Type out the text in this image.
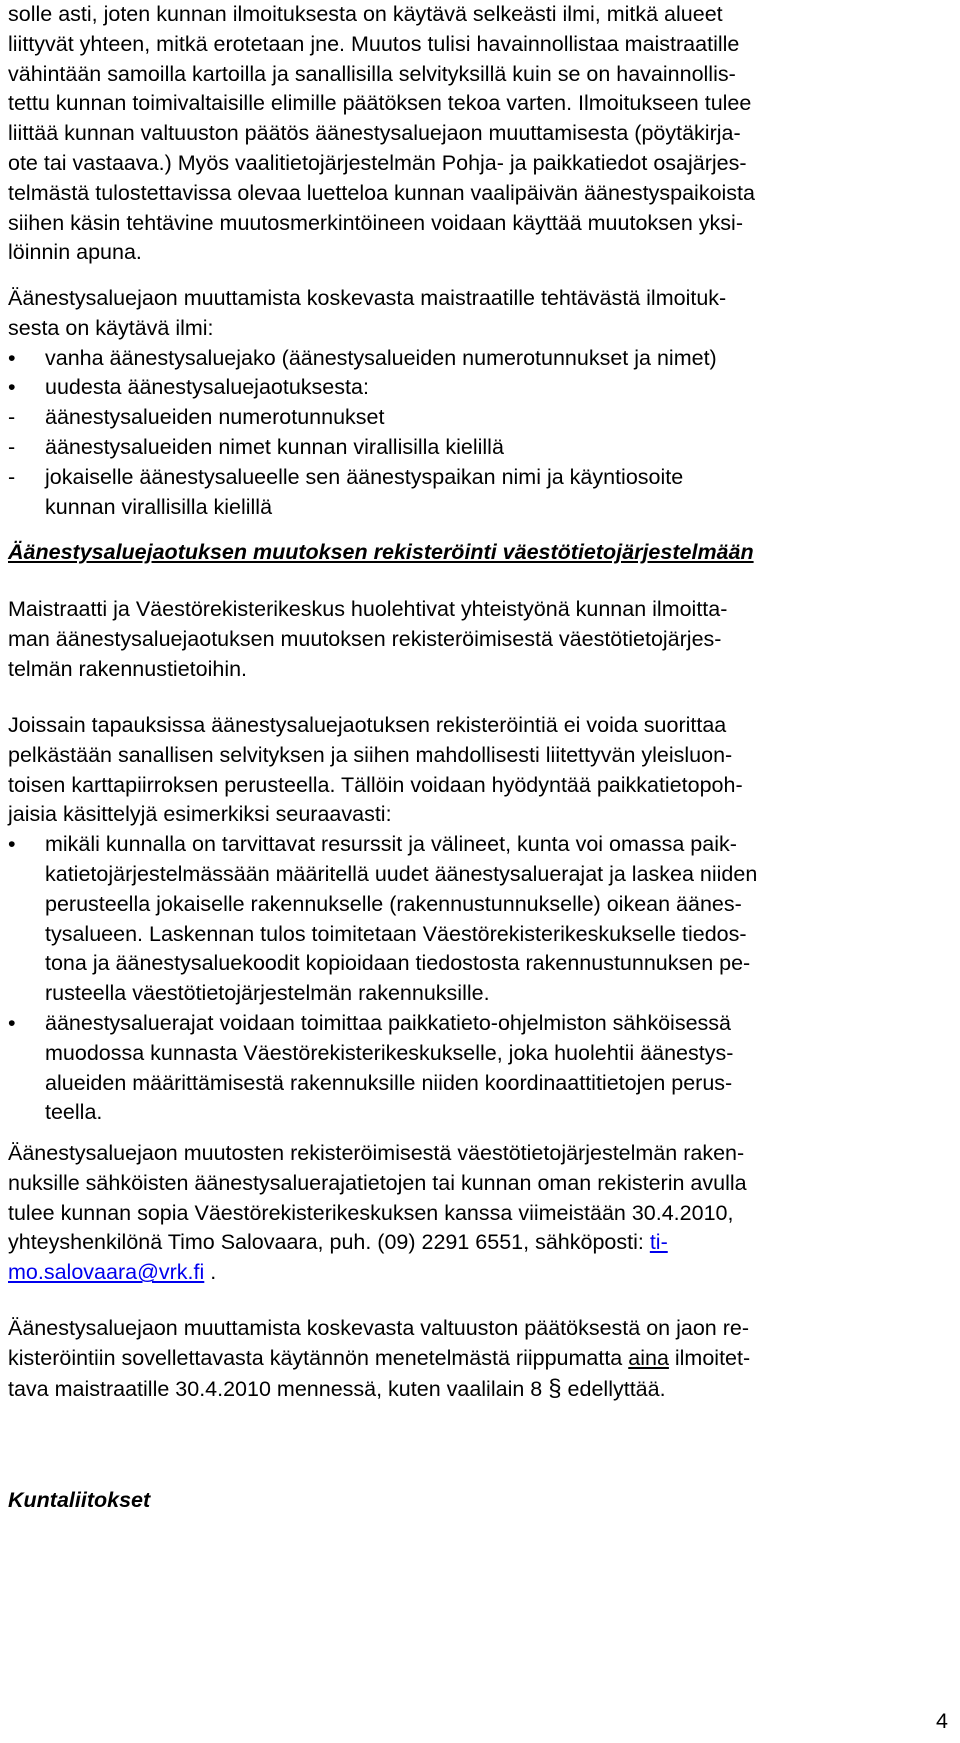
solle asti, joten kunnan ilmoituksesta on käytävä selkeästi ilmi, mitkä alueet

liittyvät yhteen, mitkä erotetaan jne. Muutos tulisi havainnollistaa maistraatille

vähintään samoilla kartoilla ja sanallisilla selvityksillä kuin se on havainnollis-

tettu kunnan toimivaltaisille elimille päätöksen tekoa varten. Ilmoitukseen tulee

liittää kunnan valtuuston päätös äänestysaluejaon muuttamisesta (pöytäkirja-

ote tai vastaava.) Myös vaalitietojärjestelmän Pohja- ja paikkatiedot osajärjes-

telmästä tulostettavissa olevaa luetteloa kunnan vaalipäivän äänestyspaikoista

siihen käsin tehtävine muutosmerkintöineen voidaan käyttää muutoksen yksi-

löinnin apuna.

Äänestysaluejaon muuttamista koskevasta maistraatille tehtävästä ilmoituk-

sesta on käytävä ilmi:

•	vanha äänestysaluejako (äänestysalueiden numerotunnukset ja nimet)
•	uudesta äänestysaluejaotuksesta:
- äänestysalueiden numerotunnukset
- äänestysalueiden nimet kunnan virallisilla kielillä
- jokaiselle äänestysalueelle sen äänestyspaikan nimi ja käyntiosoite
kunnan virallisilla kielillä
Äänestysaluejaotuksen muutoksen rekisteröinti väestötietojärjestelmään

Maistraatti ja Väestörekisterikeskus huolehtivat yhteistyönä kunnan ilmoitta-

man äänestysaluejaotuksen muutoksen rekisteröimisestä väestötietojärjes-

telmän rakennustietoihin.

Joissain tapauksissa äänestysaluejaotuksen rekisteröintiä ei voida suorittaa

pelkästään sanallisen selvityksen ja siihen mahdollisesti liitettyvän yleisluon-

toisen karttapiirroksen perusteella. Tällöin voidaan hyödyntää paikkatietopoh-

jaisia käsittelyjä esimerkiksi seuraavasti:

•	mikäli kunnalla on tarvittavat resurssit ja välineet, kunta voi omassa paik-
katietojärjestelmässään määritellä uudet äänestysaluerajat ja laskea niiden
perusteella jokaiselle rakennukselle (rakennustunnukselle) oikean äänes-
tysalueen. Laskennan tulos toimitetaan Väestörekisterikeskukselle tiedos-
tona ja äänestysaluekoodit kopioidaan tiedostosta rakennustunnuksen pe-
rusteella väestötietojärjestelmän rakennuksille.
•	äänestysaluerajat voidaan toimittaa paikkatieto-ohjelmiston sähköisessä
muodossa kunnasta Väestörekisterikeskukselle, joka huolehtii äänestys-
alueiden määrittämisestä rakennuksille niiden koordinaattitietojen perus-
teella.

Äänestysaluejaon muutosten rekisteröimisestä väestötietojärjestelmän raken-

nuksille sähköisten äänestysaluerajatietojen tai kunnan oman rekisterin avulla

tulee kunnan sopia Väestörekisterikeskuksen kanssa viimeistään 30.4.2010,

yhteyshenkilönä Timo Salovaara, puh. (09) 2291 6551, sähköposti: ti-

mo.salovaara@vrk.fi .

Äänestysaluejaon muuttamista koskevasta valtuuston päätöksestä on jaon re-

kisteröintiin sovellettavasta käytännön menetelmästä riippumatta aina ilmoitet-

tava maistraatille 30.4.2010 mennessä, kuten vaalilain 8 § edellyttää.

Kuntaliitokset

4
